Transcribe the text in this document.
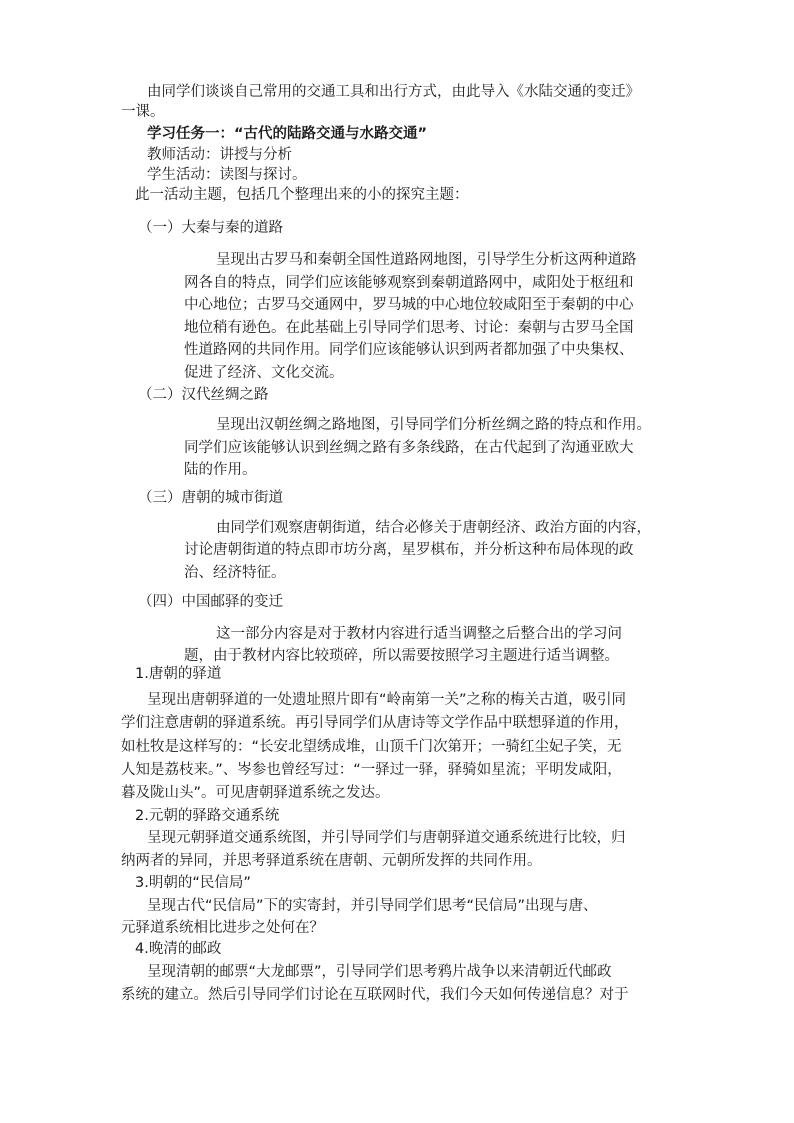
由同学们谈谈自己常用的交通工具和出行方式，由此导入《水陆交通的变迁》
一课。
学习任务一：“古代的陆路交通与水路交通”
教师活动：讲授与分析
学生活动：读图与探讨。
此一活动主题，包括几个整理出来的小的探究主题：
（一）大秦与秦的道路
呈现出古罗马和秦朝全国性道路网地图，引导学生分析这两种道路
网各自的特点，同学们应该能够观察到秦朝道路网中，咸阳处于枢纽和
中心地位；古罗马交通网中，罗马城的中心地位较咸阳至于秦朝的中心
地位稍有逊色。在此基础上引导同学们思考、讨论：秦朝与古罗马全国
性道路网的共同作用。同学们应该能够认识到两者都加强了中央集权、
促进了经济、文化交流。
（二）汉代丝绸之路
呈现出汉朝丝绸之路地图，引导同学们分析丝绸之路的特点和作用。
同学们应该能够认识到丝绸之路有多条线路，在古代起到了沟通亚欧大
陆的作用。
（三）唐朝的城市街道
由同学们观察唐朝街道，结合必修关于唐朝经济、政治方面的内容，
讨论唐朝街道的特点即市坊分离，星罗棋布，并分析这种布局体现的政
治、经济特征。
（四）中国邮驿的变迁
这一部分内容是对于教材内容进行适当调整之后整合出的学习问
题，由于教材内容比较琐碎，所以需要按照学习主题进行适当调整。
1.唐朝的驿道
呈现出唐朝驿道的一处遗址照片即有“岭南第一关”之称的梅关古道，吸引同
学们注意唐朝的驿道系统。再引导同学们从唐诗等文学作品中联想驿道的作用，
如杜牧是这样写的：“长安北望绣成堆，山顶千门次第开；一骑红尘妃子笑，无
人知是荔枝来。”、岑参也曾经写过：“一驿过一驿，驿骑如星流；平明发咸阳，
暮及陇山头”。可见唐朝驿道系统之发达。
2.元朝的驿路交通系统
呈现元朝驿道交通系统图，并引导同学们与唐朝驿道交通系统进行比较，归
纳两者的异同，并思考驿道系统在唐朝、元朝所发挥的共同作用。
3.明朝的“民信局”
呈现古代“民信局”下的实寄封，并引导同学们思考“民信局”出现与唐、
元驿道系统相比进步之处何在？
4.晚清的邮政
呈现清朝的邮票“大龙邮票”，引导同学们思考鸦片战争以来清朝近代邮政
系统的建立。然后引导同学们讨论在互联网时代，我们今天如何传递信息？对于
